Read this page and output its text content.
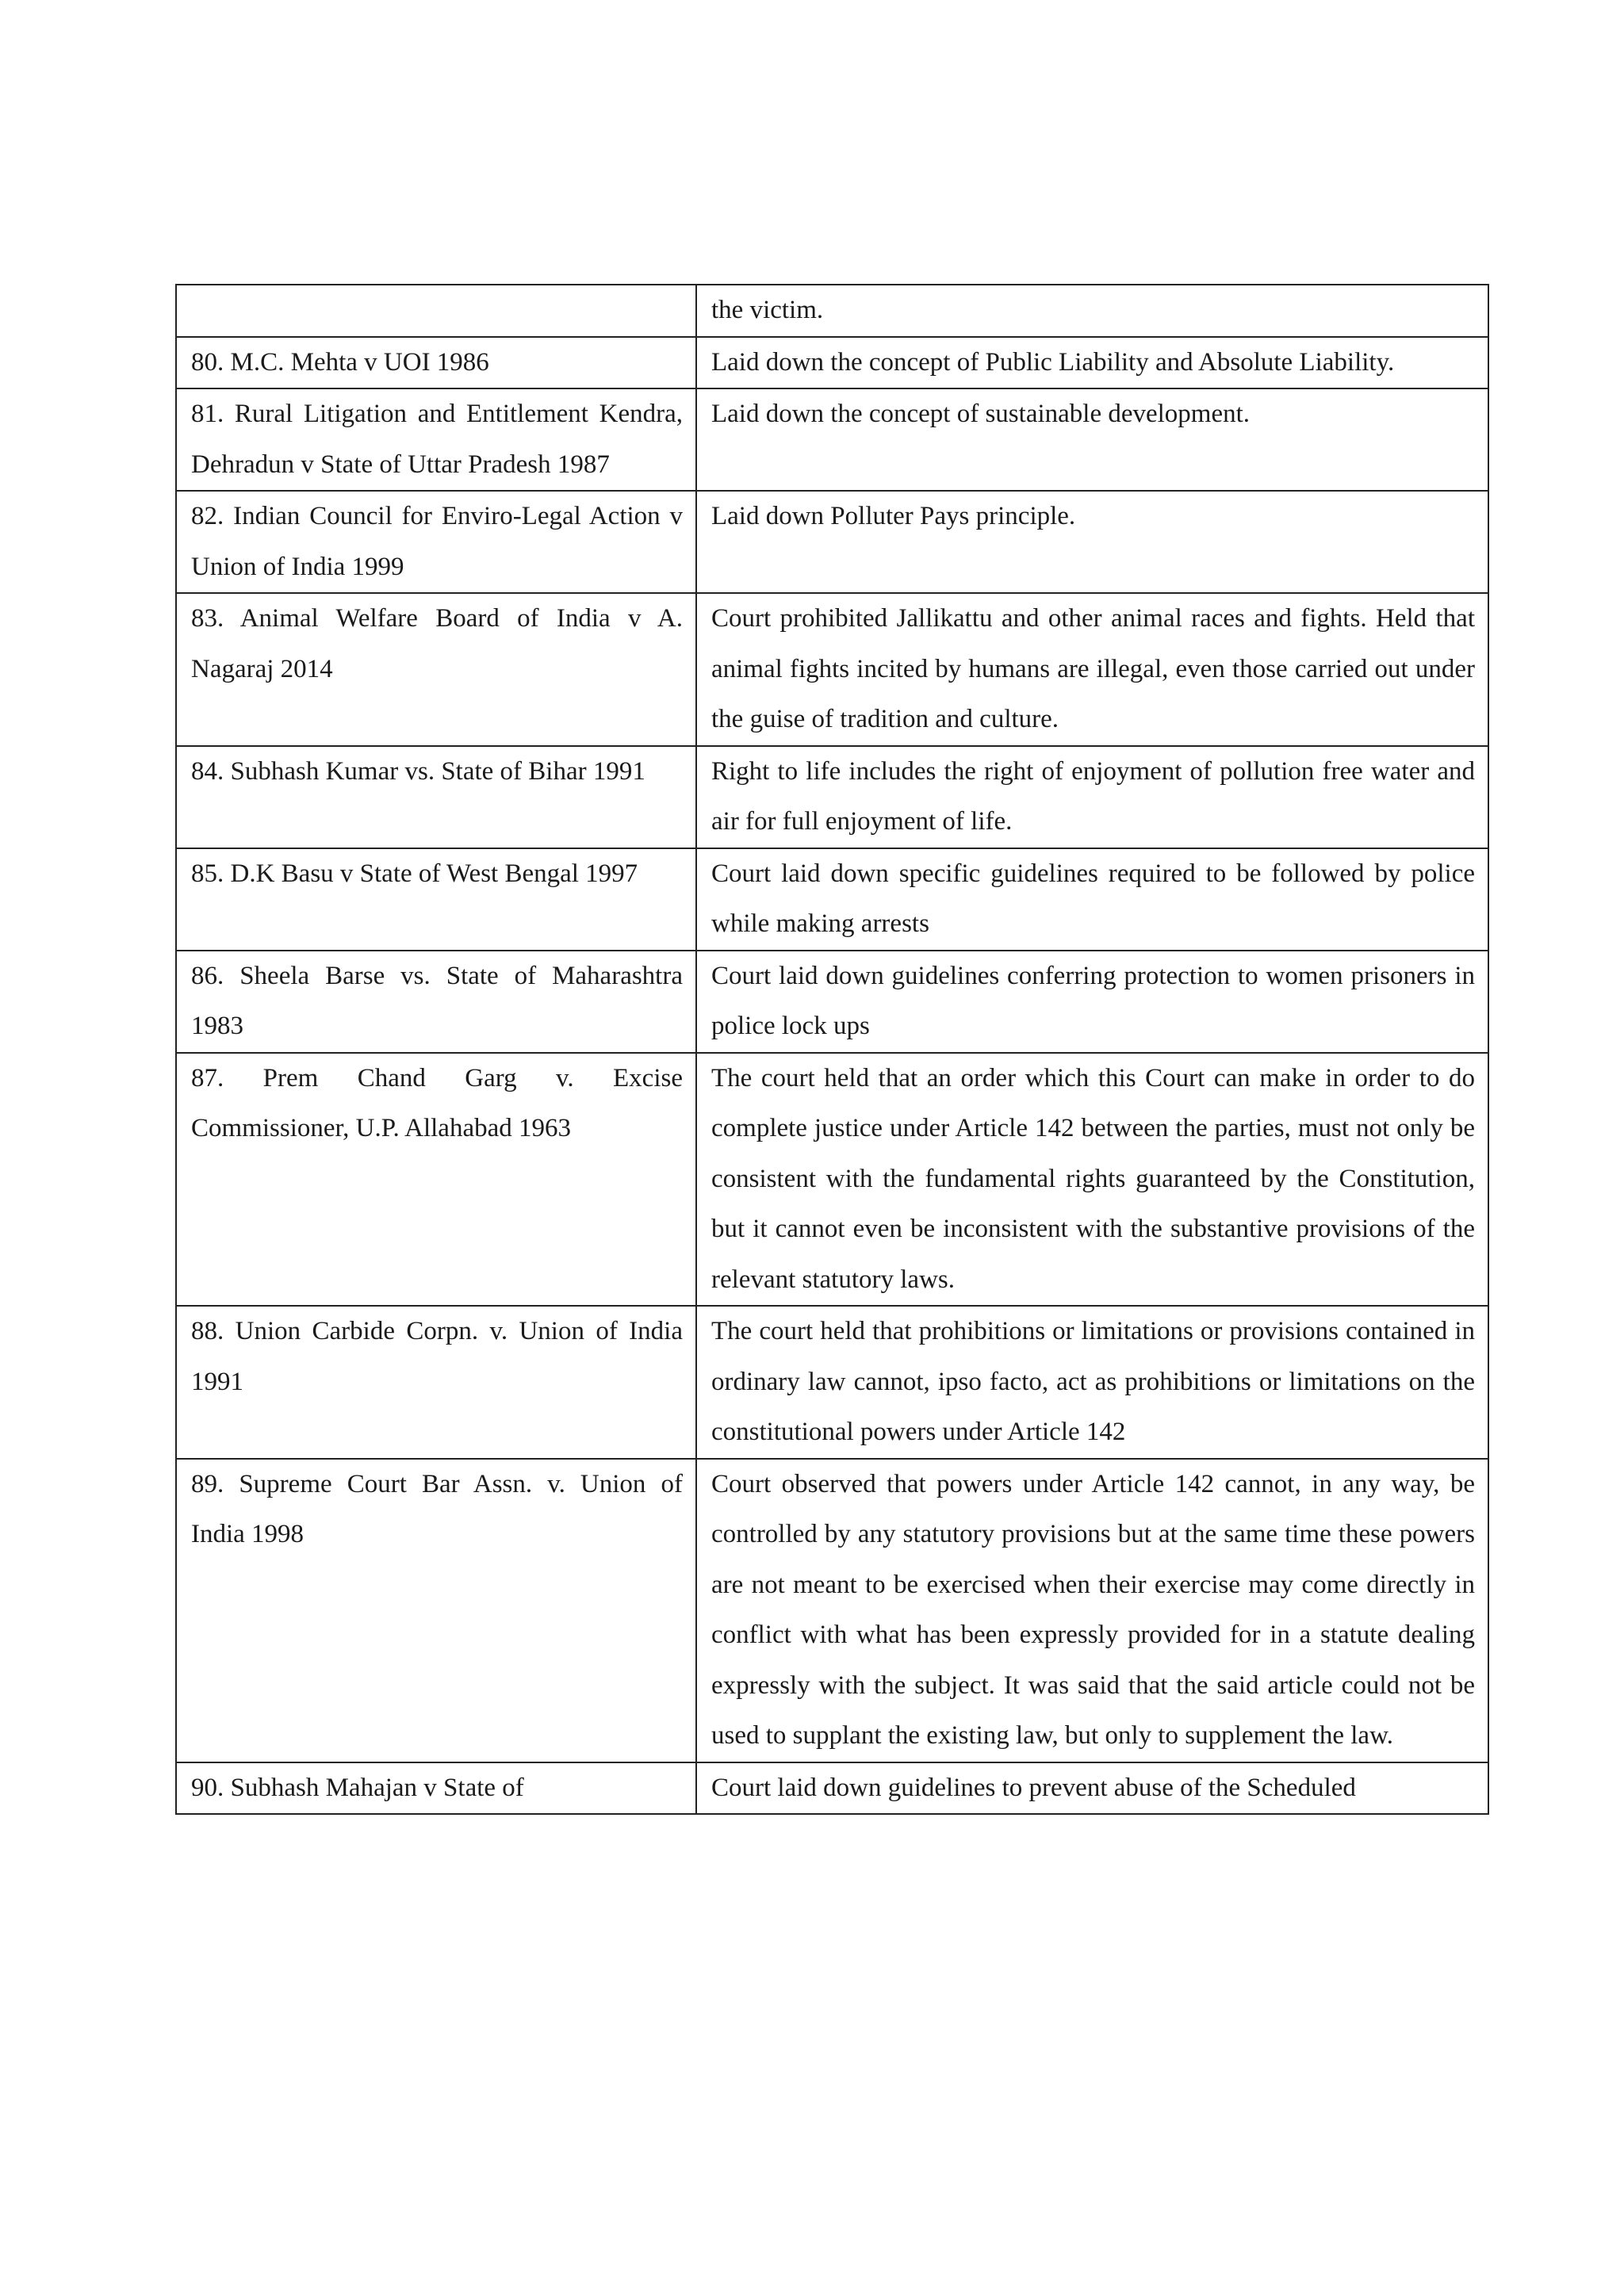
	the victim.
80. M.C. Mehta v UOI 1986	Laid down the concept of Public Liability and Absolute Liability.
81. Rural Litigation and Entitlement Kendra, Dehradun v State of Uttar Pradesh 1987	Laid down the concept of sustainable development.
82. Indian Council for Enviro-Legal Action v Union of India 1999	Laid down Polluter Pays principle.
83. Animal Welfare Board of India v A. Nagaraj 2014	Court prohibited Jallikattu and other animal races and fights. Held that animal fights incited by humans are illegal, even those carried out under the guise of tradition and culture.
84. Subhash Kumar vs. State of Bihar 1991	Right to life includes the right of enjoyment of pollution free water and air for full enjoyment of life.
85. D.K Basu v State of West Bengal 1997	Court laid down specific guidelines required to be followed by police while making arrests
86. Sheela Barse vs. State of Maharashtra 1983	Court laid down guidelines conferring protection to women prisoners in police lock ups
87. Prem Chand Garg v. Excise Commissioner, U.P. Allahabad 1963	The court held that an order which this Court can make in order to do complete justice under Article 142 between the parties, must not only be consistent with the fundamental rights guaranteed by the Constitution, but it cannot even be inconsistent with the substantive provisions of the relevant statutory laws.
88. Union Carbide Corpn. v. Union of India 1991	The court held that prohibitions or limitations or provisions contained in ordinary law cannot, ipso facto, act as prohibitions or limitations on the constitutional powers under Article 142
89. Supreme Court Bar Assn. v. Union of India 1998	Court observed that powers under Article 142 cannot, in any way, be controlled by any statutory provisions but at the same time these powers are not meant to be exercised when their exercise may come directly in conflict with what has been expressly provided for in a statute dealing expressly with the subject. It was said that the said article could not be used to supplant the existing law, but only to supplement the law.
90. Subhash Mahajan v State of	Court laid down guidelines to prevent abuse of the Scheduled
